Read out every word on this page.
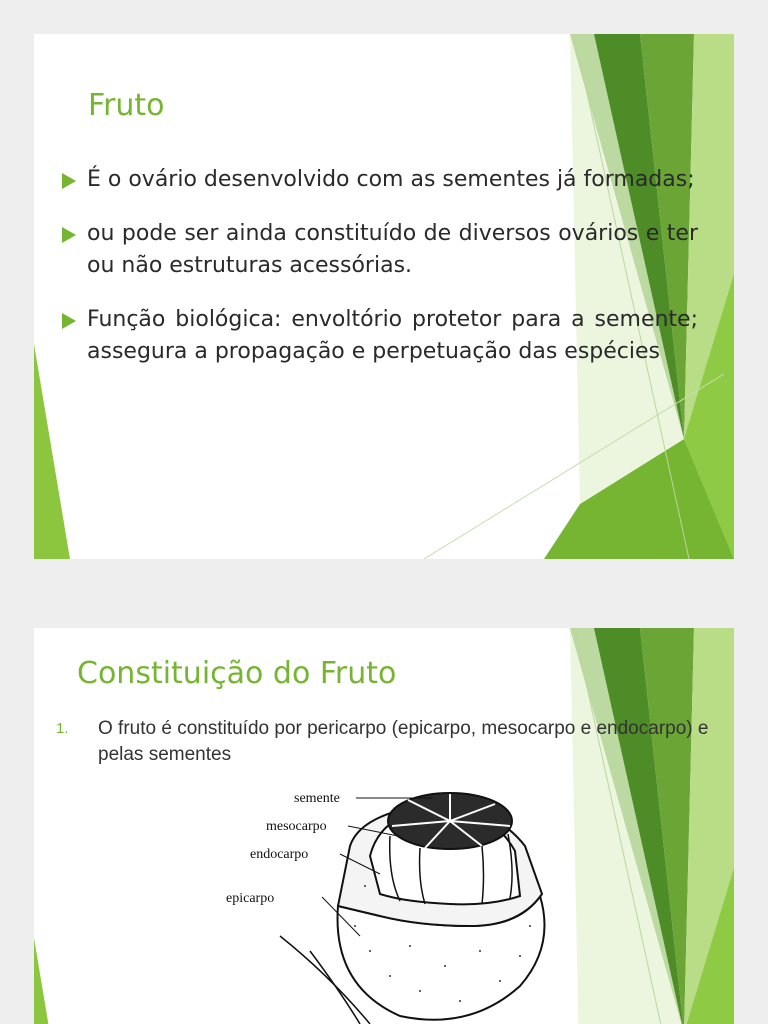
Fruto
É o ovário desenvolvido com as sementes já formadas;
ou pode ser ainda constituído de diversos ovários e ter ou não estruturas acessórias.
Função biológica: envoltório protetor para a semente; assegura a propagação e perpetuação das espécies
Constituição do Fruto
1. O fruto é constituído por pericarpo (epicarpo, mesocarpo e endocarpo) e pelas sementes
semente
mesocarpo
endocarpo
epicarpo
